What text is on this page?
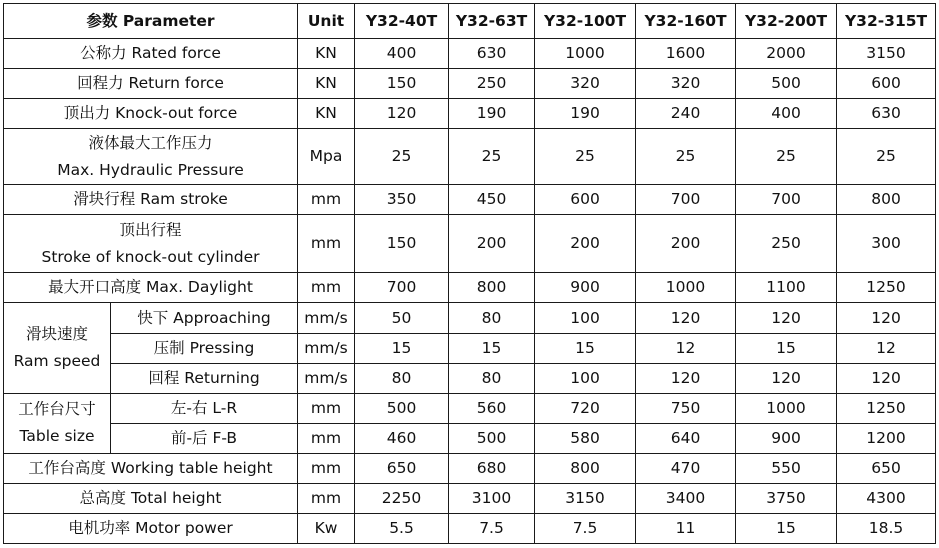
参数 Parameter		Unit	Y32-40T	Y32-63T	Y32-100T	Y32-160T	Y32-200T	Y32-315T
公称力 Rated force		KN	400	630	1000	1600	2000	3150
回程力 Return force		KN	150	250	320	320	500	600
顶出力 Knock-out force		KN	120	190	190	240	400	630

液体最大工作压力
Max. Hydraulic Pressure		Mpa	25	25	25	25	25	25
滑块行程 Ram stroke		mm	350	450	600	700	700	800

顶出行程
Stroke of knock-out cylinder		mm	150	200	200	200	250	300
最大开口高度 Max. Daylight		mm	700	800	900	1000	1100	1250

滑块速度
Ram speed	快下 Approaching	mm/s	50	80	100	120	120	120
	压制 Pressing	mm/s	15	15	15	12	15	12
	回程 Returning	mm/s	80	80	100	120	120	120

工作台尺寸
Table size	左-右 L-R	mm	500	560	720	750	1000	1250
	前-后 F-B	mm	460	500	580	640	900	1200
工作台高度 Working table height		mm	650	680	800	470	550	650
总高度 Total height		mm	2250	3100	3150	3400	3750	4300
电机功率 Motor power		Kw	5.5	7.5	7.5	11	15	18.5
